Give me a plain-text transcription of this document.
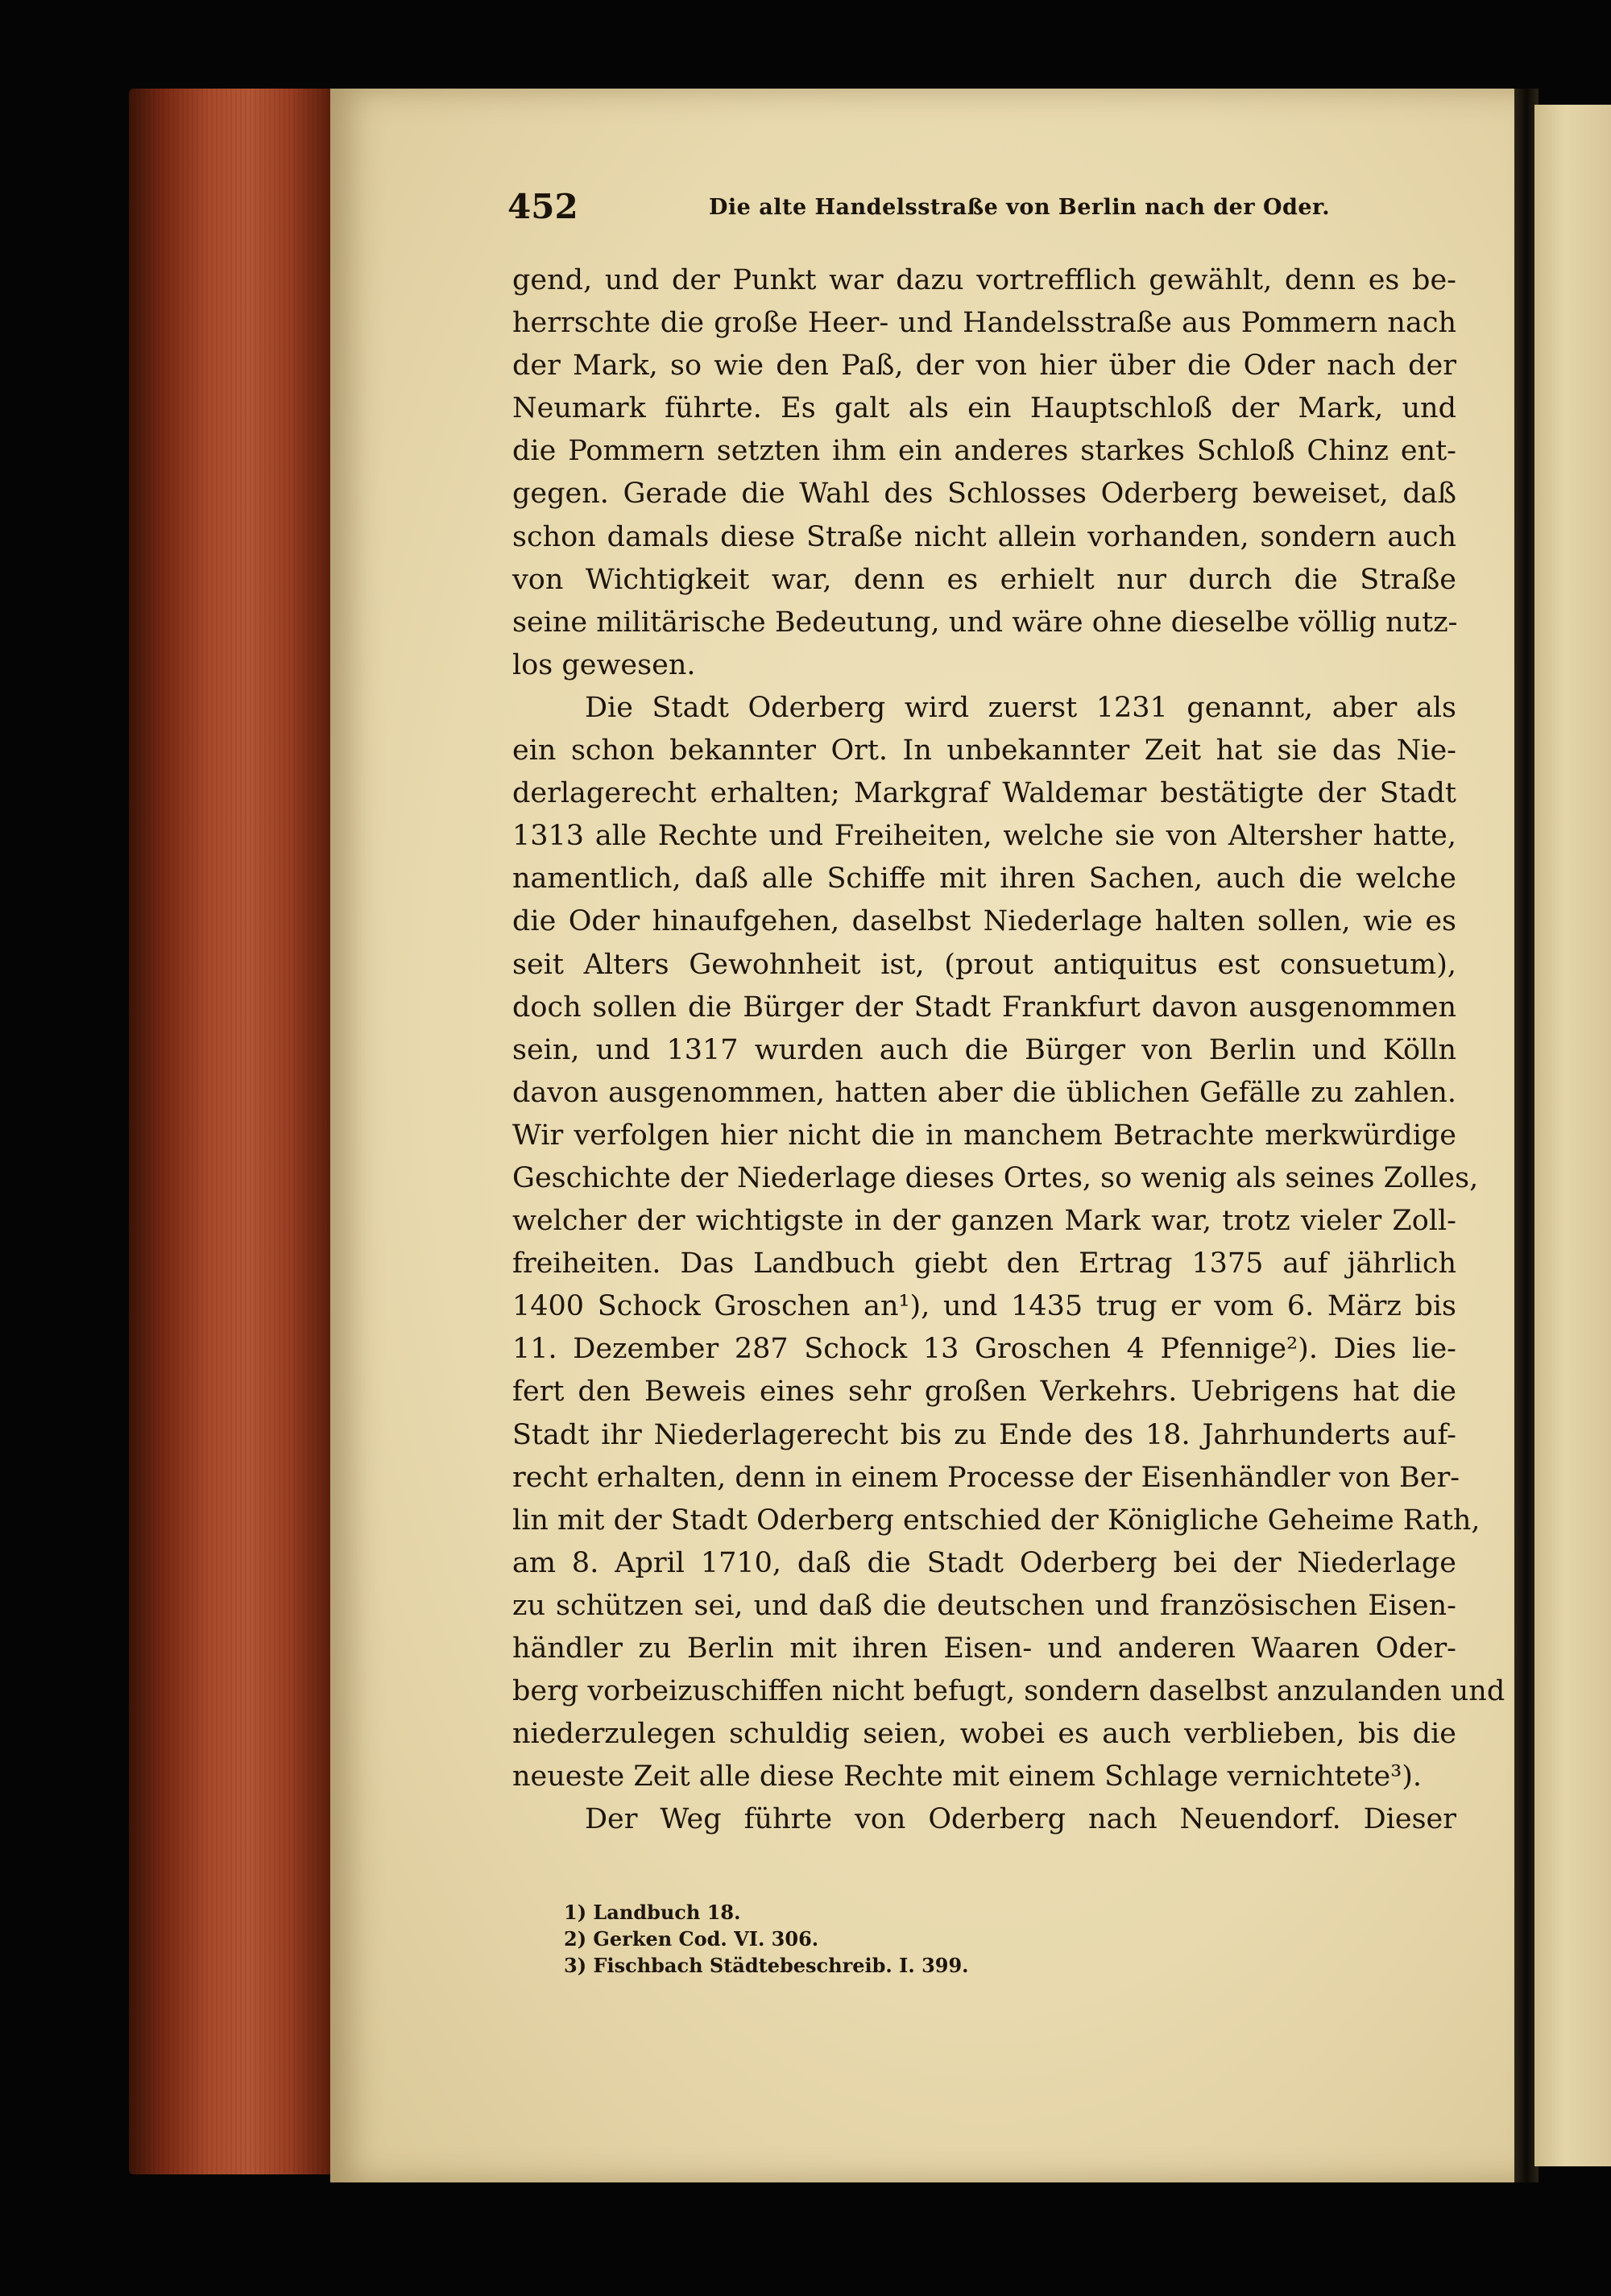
452	Die alte Handelsstraße von Berlin nach der Oder.
gend, und der Punkt war dazu vortrefflich gewählt, denn es be-
herrschte die große Heer- und Handelsstraße aus Pommern nach
der Mark, so wie den Paß, der von hier über die Oder nach der
Neumark führte. Es galt als ein Hauptschloß der Mark, und
die Pommern setzten ihm ein anderes starkes Schloß Chinz ent-
gegen. Gerade die Wahl des Schlosses Oderberg beweiset, daß
schon damals diese Straße nicht allein vorhanden, sondern auch
von Wichtigkeit war, denn es erhielt nur durch die Straße
seine militärische Bedeutung, und wäre ohne dieselbe völlig nutz-
los gewesen.
Die Stadt Oderberg wird zuerst 1231 genannt, aber als
ein schon bekannter Ort. In unbekannter Zeit hat sie das Nie-
derlagerecht erhalten; Markgraf Waldemar bestätigte der Stadt
1313 alle Rechte und Freiheiten, welche sie von Altersher hatte,
namentlich, daß alle Schiffe mit ihren Sachen, auch die welche
die Oder hinaufgehen, daselbst Niederlage halten sollen, wie es
seit Alters Gewohnheit ist, (prout antiquitus est consuetum),
doch sollen die Bürger der Stadt Frankfurt davon ausgenommen
sein, und 1317 wurden auch die Bürger von Berlin und Kölln
davon ausgenommen, hatten aber die üblichen Gefälle zu zahlen.
Wir verfolgen hier nicht die in manchem Betrachte merkwürdige
Geschichte der Niederlage dieses Ortes, so wenig als seines Zolles,
welcher der wichtigste in der ganzen Mark war, trotz vieler Zoll-
freiheiten. Das Landbuch giebt den Ertrag 1375 auf jährlich
1400 Schock Groschen an¹), und 1435 trug er vom 6. März bis
11. Dezember 287 Schock 13 Groschen 4 Pfennige²). Dies lie-
fert den Beweis eines sehr großen Verkehrs. Uebrigens hat die
Stadt ihr Niederlagerecht bis zu Ende des 18. Jahrhunderts auf-
recht erhalten, denn in einem Processe der Eisenhändler von Ber-
lin mit der Stadt Oderberg entschied der Königliche Geheime Rath,
am 8. April 1710, daß die Stadt Oderberg bei der Niederlage
zu schützen sei, und daß die deutschen und französischen Eisen-
händler zu Berlin mit ihren Eisen- und anderen Waaren Oder-
berg vorbeizuschiffen nicht befugt, sondern daselbst anzulanden und
niederzulegen schuldig seien, wobei es auch verblieben, bis die
neueste Zeit alle diese Rechte mit einem Schlage vernichtete³).
Der Weg führte von Oderberg nach Neuendorf. Dieser
1) Landbuch 18.
2) Gerken Cod. VI. 306.
3) Fischbach Städtebeschreib. I. 399.
